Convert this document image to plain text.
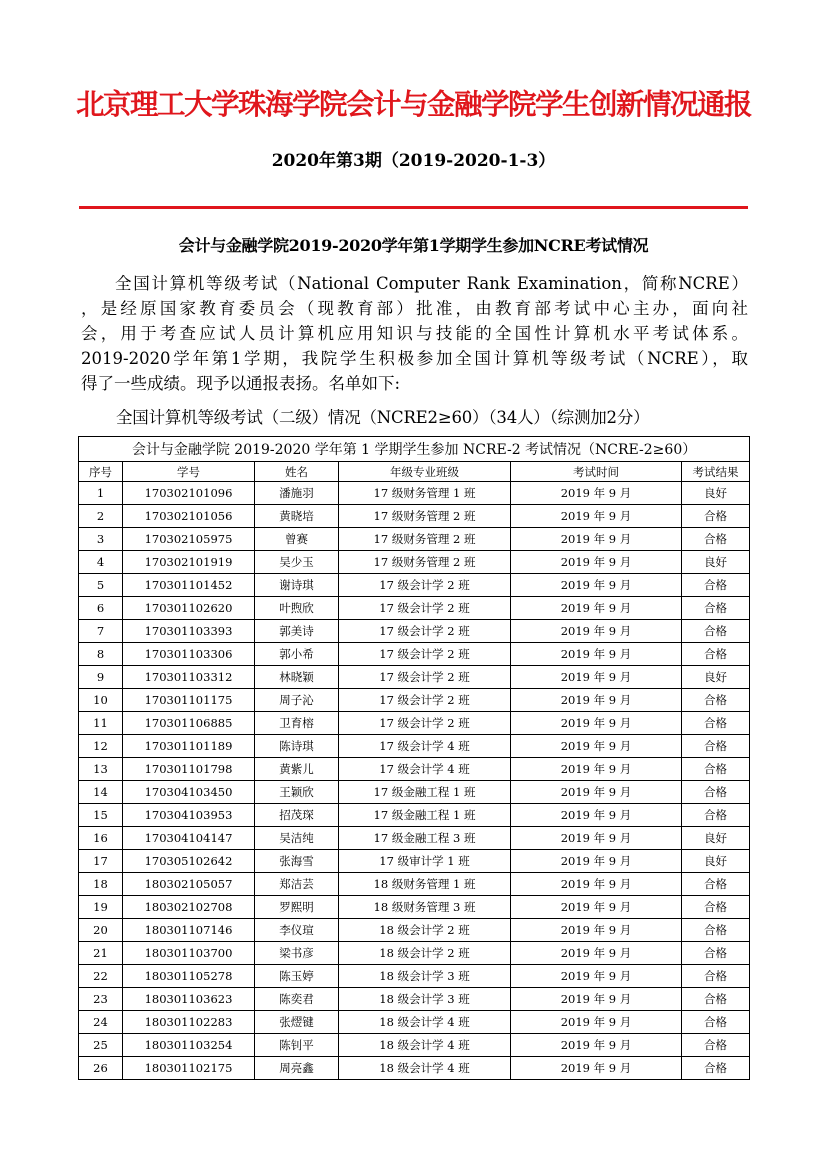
北京理工大学珠海学院会计与金融学院学生创新情况通报
2020年第3期（2019-2020-1-3）
会计与金融学院2019-2020学年第1学期学生参加NCRE考试情况
全国计算机等级考试（National Computer Rank Examination，简称NCRE）
，是经原国家教育委员会（现教育部）批准，由教育部考试中心主办，面向社
会，用于考查应试人员计算机应用知识与技能的全国性计算机水平考试体系。
2019-2020学年第1学期，我院学生积极参加全国计算机等级考试（NCRE），取
得了一些成绩。现予以通报表扬。名单如下:
全国计算机等级考试（二级）情况（NCRE2≥60）（34人）（综测加2分）
会计与金融学院 2019-2020 学年第 1 学期学生参加 NCRE-2 考试情况（NCRE-2≥60）					
序号	学号	姓名	年级专业班级	考试时间	考试结果
1	170302101096	潘施羽	17 级财务管理 1 班	2019 年 9 月	良好
2	170302101056	黄晓培	17 级财务管理 2 班	2019 年 9 月	合格
3	170302105975	曾赛	17 级财务管理 2 班	2019 年 9 月	合格
4	170302101919	吴少玉	17 级财务管理 2 班	2019 年 9 月	良好
5	170301101452	谢诗琪	17 级会计学 2 班	2019 年 9 月	合格
6	170301102620	叶煦欣	17 级会计学 2 班	2019 年 9 月	合格
7	170301103393	郭美诗	17 级会计学 2 班	2019 年 9 月	合格
8	170301103306	郭小希	17 级会计学 2 班	2019 年 9 月	合格
9	170301103312	林晓颖	17 级会计学 2 班	2019 年 9 月	良好
10	170301101175	周子沁	17 级会计学 2 班	2019 年 9 月	合格
11	170301106885	卫育榕	17 级会计学 2 班	2019 年 9 月	合格
12	170301101189	陈诗琪	17 级会计学 4 班	2019 年 9 月	合格
13	170301101798	黄紫儿	17 级会计学 4 班	2019 年 9 月	合格
14	170304103450	王颖欣	17 级金融工程 1 班	2019 年 9 月	合格
15	170304103953	招茂琛	17 级金融工程 1 班	2019 年 9 月	合格
16	170304104147	吴洁纯	17 级金融工程 3 班	2019 年 9 月	良好
17	170305102642	张海雪	17 级审计学 1 班	2019 年 9 月	良好
18	180302105057	郑洁芸	18 级财务管理 1 班	2019 年 9 月	合格
19	180302102708	罗熙明	18 级财务管理 3 班	2019 年 9 月	合格
20	180301107146	李仪瑄	18 级会计学 2 班	2019 年 9 月	合格
21	180301103700	梁书彦	18 级会计学 2 班	2019 年 9 月	合格
22	180301105278	陈玉婷	18 级会计学 3 班	2019 年 9 月	合格
23	180301103623	陈奕君	18 级会计学 3 班	2019 年 9 月	合格
24	180301102283	张熤键	18 级会计学 4 班	2019 年 9 月	合格
25	180301103254	陈钊平	18 级会计学 4 班	2019 年 9 月	合格
26	180301102175	周亮鑫	18 级会计学 4 班	2019 年 9 月	合格
